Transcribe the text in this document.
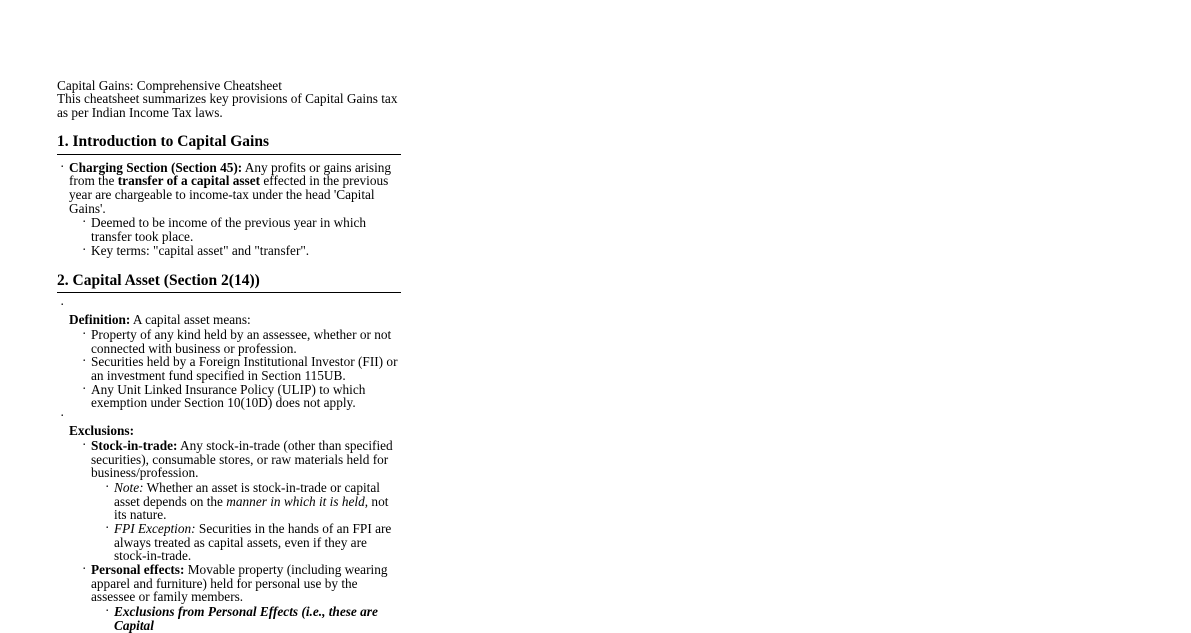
Capital Gains: Comprehensive Cheatsheet
This cheatsheet summarizes key provisions of Capital Gains tax as per Indian Income Tax laws.
1. Introduction to Capital Gains
· Charging Section (Section 45): Any profits or gains arising from the transfer of a capital asset effected in the previous year are chargeable to income-tax under the head 'Capital Gains'.
· Deemed to be income of the previous year in which transfer took place.
· Key terms: "capital asset" and "transfer".
2. Capital Asset (Section 2(14))
· Definition: A capital asset means:
· Property of any kind held by an assessee, whether or not connected with business or profession.
· Securities held by a Foreign Institutional Investor (FII) or an investment fund specified in Section 115UB.
· Any Unit Linked Insurance Policy (ULIP) to which exemption under Section 10(10D) does not apply.
· Exclusions:
· Stock-in-trade: Any stock-in-trade (other than specified securities), consumable stores, or raw materials held for business/profession.
· Note: Whether an asset is stock-in-trade or capital asset depends on the manner in which it is held, not its nature.
· FPI Exception: Securities in the hands of an FPI are always treated as capital assets, even if they are stock-in-trade.
· Personal effects: Movable property (including wearing apparel and furniture) held for personal use by the assessee or family members.
· Exclusions from Personal Effects (i.e., these are Capital
